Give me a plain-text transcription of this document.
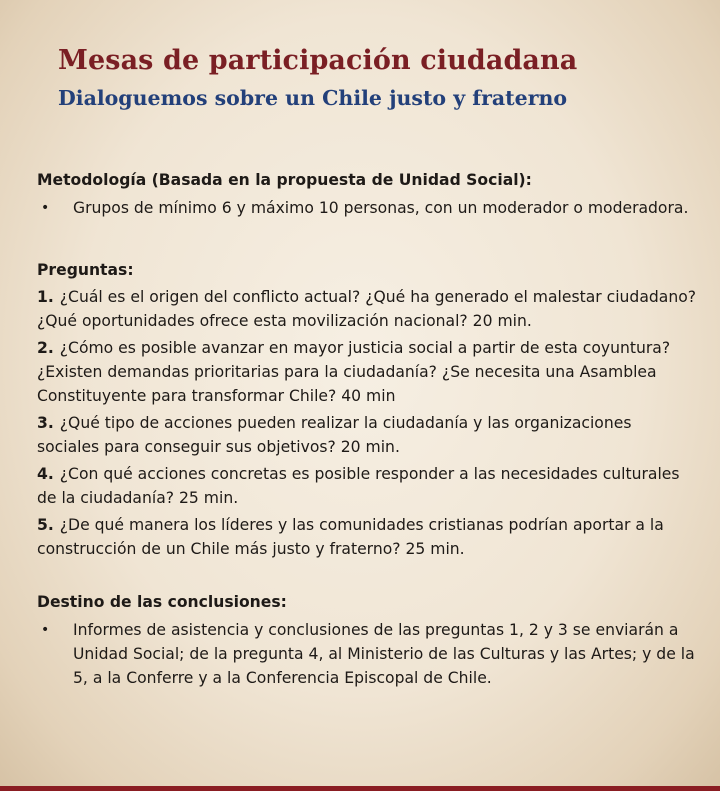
Mesas de participación ciudadana
Dialoguemos sobre un Chile justo y fraterno

Metodología (Basada en la propuesta de Unidad Social):

• Grupos de mínimo 6 y máximo 10 personas, con un moderador o moderadora.

Preguntas:

1. ¿Cuál es el origen del conflicto actual? ¿Qué ha generado el malestar ciudadano?¿Qué oportunidades ofrece esta movilización nacional? 20 min.

2. ¿Cómo es posible avanzar en mayor justicia social a partir de esta coyuntura? ¿Existen demandas prioritarias para la ciudadanía? ¿Se necesita una Asamblea Constituyente para transformar Chile? 40 min

3. ¿Qué tipo de acciones pueden realizar la ciudadanía y las organizaciones sociales para conseguir sus objetivos? 20 min.

4. ¿Con qué acciones concretas es posible responder a las necesidades culturales de la ciudadanía? 25 min.

5. ¿De qué manera los líderes y las comunidades cristianas podrían aportar a la construcción de un Chile más justo y fraterno? 25 min.

Destino de las conclusiones:

• Informes de asistencia y conclusiones de las preguntas 1, 2 y 3 se enviarán a Unidad Social; de la pregunta 4, al Ministerio de las Culturas y las Artes; y de la 5, a la Conferre y a la Conferencia Episcopal de Chile.
